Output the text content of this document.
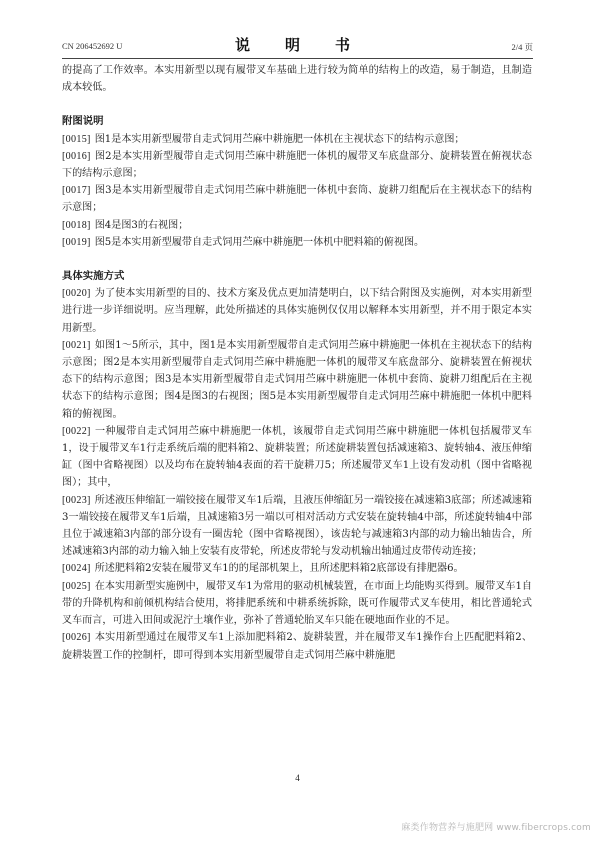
CN 206452692 U	说　明　书	2/4 页

的提高了工作效率。本实用新型以现有履带叉车基础上进行较为简单的结构上的改造，易于制造，且制造成本较低。

附图说明

[0015] 图1是本实用新型履带自走式饲用苎麻中耕施肥一体机在主视状态下的结构示意图；

[0016] 图2是本实用新型履带自走式饲用苎麻中耕施肥一体机的履带叉车底盘部分、旋耕装置在俯视状态下的结构示意图；

[0017] 图3是本实用新型履带自走式饲用苎麻中耕施肥一体机中套筒、旋耕刀组配后在主视状态下的结构示意图；

[0018] 图4是图3的右视图；

[0019] 图5是本实用新型履带自走式饲用苎麻中耕施肥一体机中肥料箱的俯视图。

具体实施方式

[0020] 为了使本实用新型的目的、技术方案及优点更加清楚明白，以下结合附图及实施例，对本实用新型进行进一步详细说明。应当理解，此处所描述的具体实施例仅仅用以解释本实用新型，并不用于限定本实用新型。

[0021] 如图1～5所示，其中，图1是本实用新型履带自走式饲用苎麻中耕施肥一体机在主视状态下的结构示意图；图2是本实用新型履带自走式饲用苎麻中耕施肥一体机的履带叉车底盘部分、旋耕装置在俯视状态下的结构示意图；图3是本实用新型履带自走式饲用苎麻中耕施肥一体机中套筒、旋耕刀组配后在主视状态下的结构示意图；图4是图3的右视图；图5是本实用新型履带自走式饲用苎麻中耕施肥一体机中肥料箱的俯视图。

[0022] 一种履带自走式饲用苎麻中耕施肥一体机，该履带自走式饲用苎麻中耕施肥一体机包括履带叉车1，设于履带叉车1行走系统后端的肥料箱2、旋耕装置；所述旋耕装置包括减速箱3、旋转轴4、液压伸缩缸（图中省略视图）以及均布在旋转轴4表面的若干旋耕刀5；所述履带叉车1上设有发动机（图中省略视图）；其中，

[0023] 所述液压伸缩缸一端铰接在履带叉车1后端，且液压伸缩缸另一端铰接在减速箱3底部；所述减速箱3一端铰接在履带叉车1后端，且减速箱3另一端以可相对活动方式安装在旋转轴4中部，所述旋转轴4中部且位于减速箱3内部的部分设有一圈齿轮（图中省略视图），该齿轮与减速箱3内部的动力输出轴齿合，所述减速箱3内部的动力输入轴上安装有皮带轮，所述皮带轮与发动机输出轴通过皮带传动连接；

[0024] 所述肥料箱2安装在履带叉车1的的尾部机架上，且所述肥料箱2底部设有排肥器6。

[0025] 在本实用新型实施例中，履带叉车1为常用的驱动机械装置，在市面上均能购买得到。履带叉车1自带的升降机构和前倾机构结合使用，将排肥系统和中耕系统拆除，既可作履带式叉车使用，相比普通轮式叉车而言，可进入田间或泥泞土壤作业，弥补了普通轮胎叉车只能在硬地面作业的不足。

[0026] 本实用新型通过在履带叉车1上添加肥料箱2、旋耕装置，并在履带叉车1操作台上匹配肥料箱2、旋耕装置工作的控制杆，即可得到本实用新型履带自走式饲用苎麻中耕施肥

4
麻类作物营养与施肥网 www.fibercrops.com
